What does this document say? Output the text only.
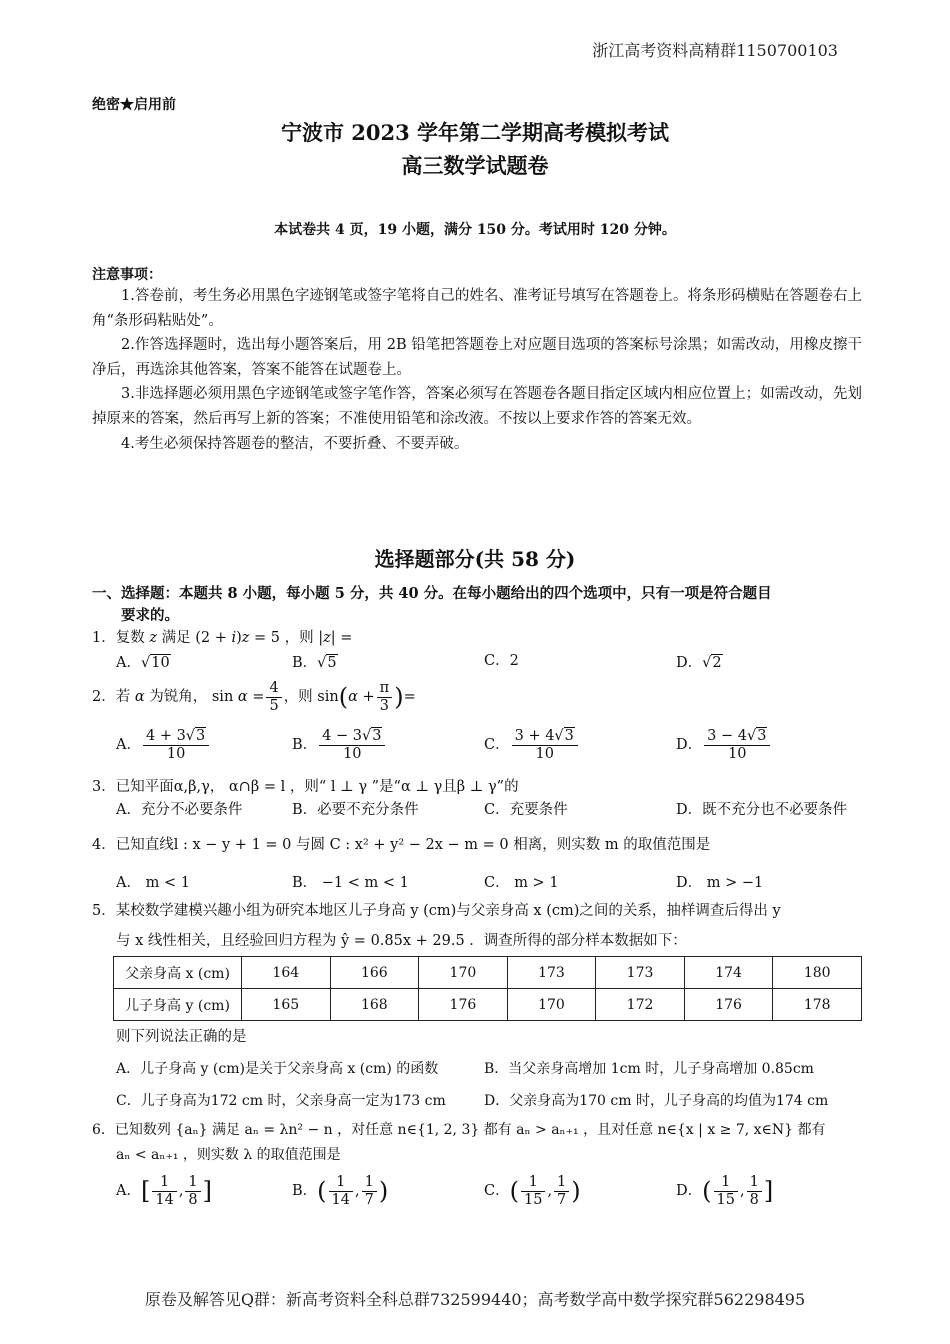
浙江高考资料高精群1150700103
绝密★启用前
宁波市 2023 学年第二学期高考模拟考试
高三数学试题卷
本试卷共 4 页，19 小题，满分 150 分。考试用时 120 分钟。
注意事项：

1.答卷前，考生务必用黑色字迹钢笔或签字笔将自己的姓名、准考证号填写在答题卷上。将条形码横贴在答题卷右上角“条形码粘贴处”。

2.作答选择题时，选出每小题答案后，用 2B 铅笔把答题卷上对应题目选项的答案标号涂黑；如需改动，用橡皮擦干净后，再选涂其他答案，答案不能答在试题卷上。

3.非选择题必须用黑色字迹钢笔或签字笔作答，答案必须写在答题卷各题目指定区域内相应位置上；如需改动，先划掉原来的答案，然后再写上新的答案；不准使用铅笔和涂改液。不按以上要求作答的答案无效。

4.考生必须保持答题卷的整洁，不要折叠、不要弄破。

选择题部分(共 58 分)
一、选择题：本题共 8 小题，每小题 5 分，共 40 分。在每小题给出的四个选项中，只有一项是符合题目
要求的。
1．复数 z 满足 (2 + i)z = 5 ，则 |z| =
A．√10	B．√5	C．2	D．√2
2．若 α 为锐角， $\sin \alpha = \frac{4}{5}$ ，则 $\sin(\alpha + \frac{\pi}{3}$ )=
A． $\frac{4 + 3√3}{10}$	B． $\frac{4 - 3√3}{10}$	C． $\frac{3 + 4√3}{10}$	D． $\frac{3 - 4√3}{10}$
3．已知平面α,β,γ， α∩β = l ，则“ l ⊥ γ ”是“α ⊥ γ且β ⊥ γ”的
A．充分不必要条件	B．必要不充分条件	C．充要条件	D．既不充分也不必要条件
4．已知直线l : x − y + 1 = 0 与圆 C : x² + y² − 2x − m = 0 相离，则实数 m 的取值范围是
A． m < 1	B． −1 < m < 1	C． m > 1	D． m > −1
5．某校数学建模兴趣小组为研究本地区儿子身高 y (cm)与父亲身高 x (cm)之间的关系，抽样调查后得出 y
与 x 线性相关，且经验回归方程为 ŷ = 0.85x + 29.5 ．调查所得的部分样本数据如下：
父亲身高 x (cm)	164	166	170	173	173	174	180
儿子身高 y (cm)	165	168	176	170	172	176	178
则下列说法正确的是
A．儿子身高 y (cm)是关于父亲身高 x (cm) 的函数	B．当父亲身高增加 1cm 时，儿子身高增加 0.85cm
C．儿子身高为172 cm 时，父亲身高一定为173 cm	D．父亲身高为170 cm 时，儿子身高的均值为174 cm
6．已知数列 {aₙ} 满足 aₙ = λn² − n ，对任意 n∈{1, 2, 3} 都有 aₙ > aₙ₊₁ ，且对任意 n∈{x | x ≥ 7, x∈N} 都有
aₙ < aₙ₊₁ ，则实数 λ 的取值范围是
A．[ $\frac{1}{14}$ , $\frac{1}{8}$ ]	B．( $\frac{1}{14}$ , $\frac{1}{7}$ )	C．( $\frac{1}{15}$ , $\frac{1}{7}$ )	D．( $\frac{1}{15}$ , $\frac{1}{8}$ ]
原卷及解答见Q群：新高考资料全科总群732599440；高考数学高中数学探究群562298495
